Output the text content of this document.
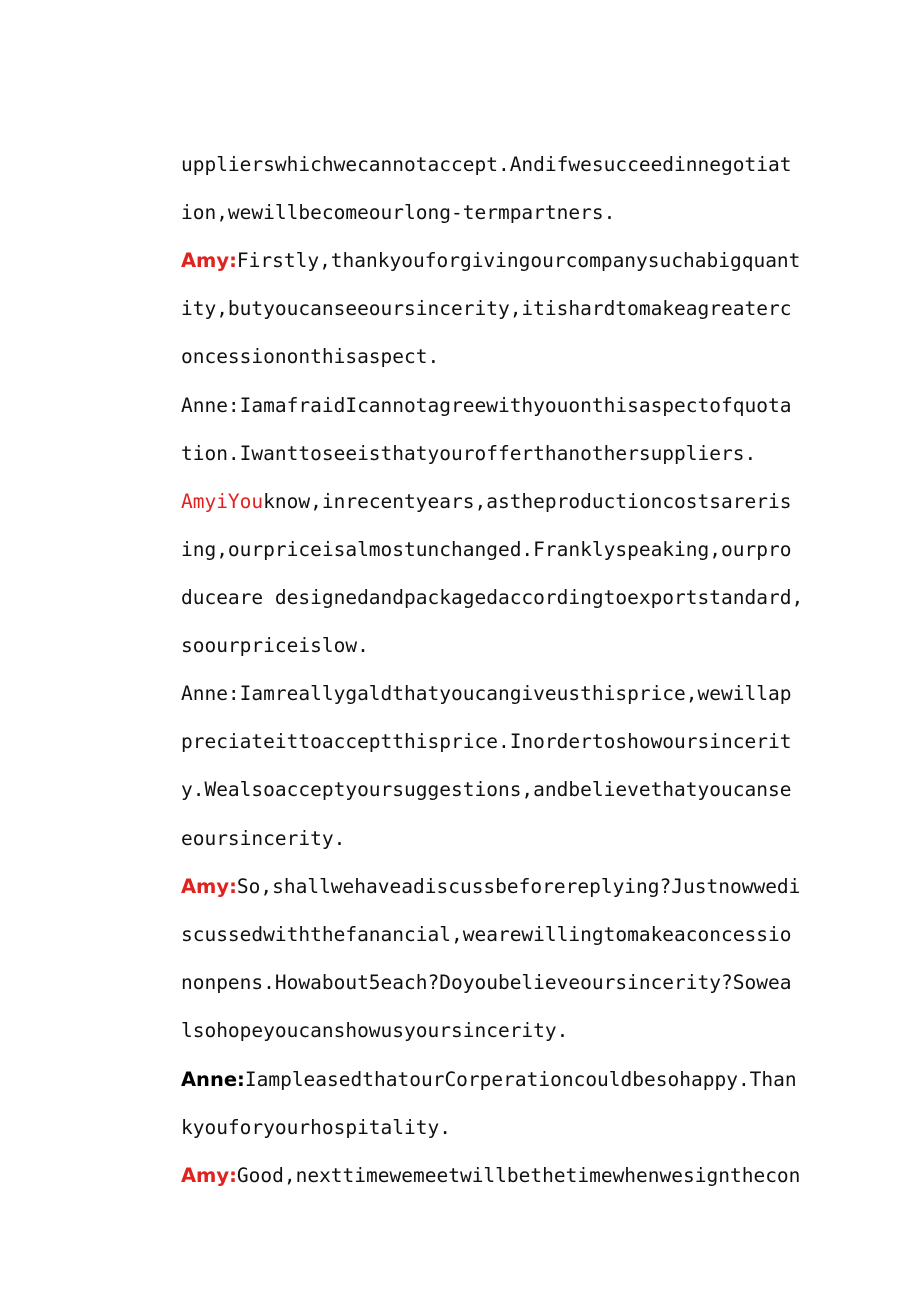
upplierswhichwecannotaccept.Andifwesucceedinnegotiat

ion,wewillbecomeourlong-termpartners.

Amy:Firstly,thankyouforgivingourcompanysuchabigquant

ity,butyoucanseeoursincerity,itishardtomakeagreaterc

oncessiononthisaspect.

Anne:IamafraidIcannotagreewithyouonthisaspectofquota

tion.Iwanttoseeisthatyourofferthanothersuppliers.

AmyiYouknow,inrecentyears,astheproductioncostsareris

ing,ourpriceisalmostunchanged.Franklyspeaking,ourpro

duceare designedandpackagedaccordingtoexportstandard,

soourpriceislow.

Anne:Iamreallygaldthatyoucangiveusthisprice,wewillap

preciateittoacceptthisprice.Inordertoshowoursincerit

y.Wealsoacceptyoursuggestions,andbelievethatyoucanse

eoursincerity.

Amy:So,shallwehaveadiscussbeforereplying?Justnowwedi

scussedwiththefanancial,wearewillingtomakeaconcessio

nonpens.Howabout5each?Doyoubelieveoursincerity?Sowea

lsohopeyoucanshowusyoursincerity.

Anne:IampleasedthatourCorperationcouldbesohappy.Than

kyouforyourhospitality.

Amy:Good,nexttimewemeetwillbethetimewhenwesignthecon
